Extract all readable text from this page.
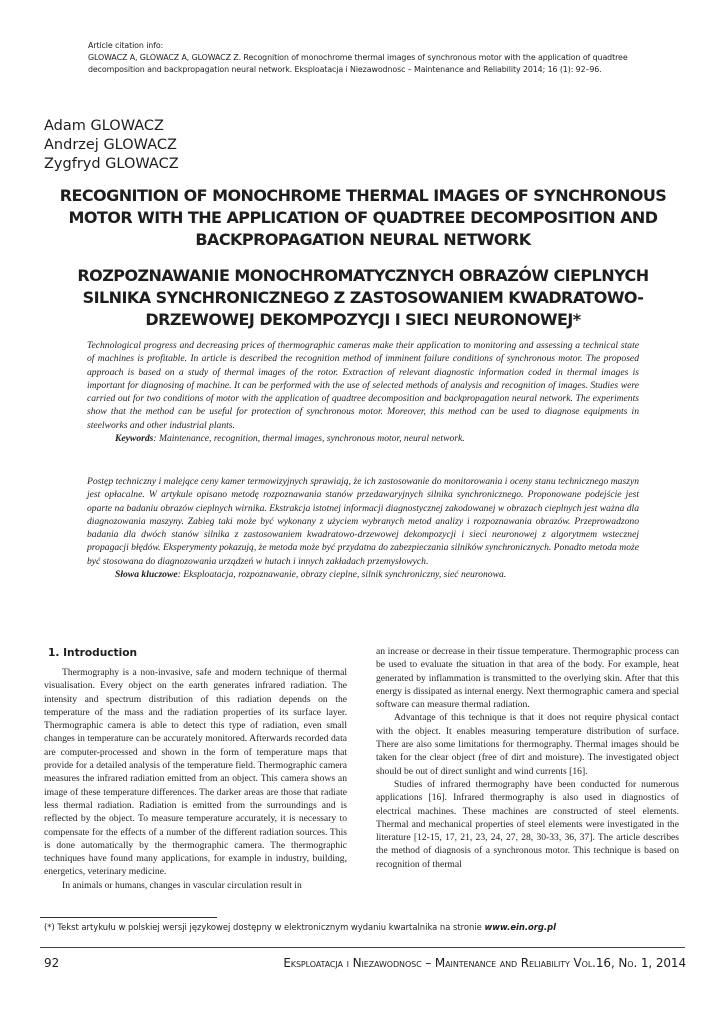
Article citation info:
GLOWACZ A, GLOWACZ A, GLOWACZ Z. Recognition of monochrome thermal images of synchronous motor with the application of quadtree decomposition and backpropagation neural network. Eksploatacja i Niezawodnosc – Maintenance and Reliability 2014; 16 (1): 92–96.
Adam GLOWACZ
Andrzej GLOWACZ
Zygfryd GLOWACZ
RECOGNITION OF MONOCHROME THERMAL IMAGES OF SYNCHRONOUS MOTOR WITH THE APPLICATION OF QUADTREE DECOMPOSITION AND BACKPROPAGATION NEURAL NETWORK
ROZPOZNAWANIE MONOCHROMATYCZNYCH OBRAZÓW CIEPLNYCH SILNIKA SYNCHRONICZNEGO Z ZASTOSOWANIEM KWADRATOWO-DRZEWOWEJ DEKOMPOZYCJI I SIECI NEURONOWEJ*
Technological progress and decreasing prices of thermographic cameras make their application to monitoring and assessing a technical state of machines is profitable. In article is described the recognition method of imminent failure conditions of synchronous motor. The proposed approach is based on a study of thermal images of the rotor. Extraction of relevant diagnostic information coded in thermal images is important for diagnosing of machine. It can be performed with the use of selected methods of analysis and recognition of images. Studies were carried out for two conditions of motor with the application of quadtree decomposition and backpropagation neural network. The experiments show that the method can be useful for protection of synchronous motor. Moreover, this method can be used to diagnose equipments in steelworks and other industrial plants.
Keywords: Maintenance, recognition, thermal images, synchronous motor, neural network.
Postęp techniczny i malejące ceny kamer termowizyjnych sprawiają, że ich zastosowanie do monitorowania i oceny stanu technicznego maszyn jest opłacalne. W artykule opisano metodę rozpoznawania stanów przedawaryjnych silnika synchronicznego. Proponowane podejście jest oparte na badaniu obrazów cieplnych wirnika. Ekstrakcja istotnej informacji diagnostycznej zakodowanej w obrazach cieplnych jest ważna dla diagnozowania maszyny. Zabieg taki może być wykonany z użyciem wybranych metod analizy i rozpoznawania obrazów. Przeprowadzono badania dla dwóch stanów silnika z zastosowaniem kwadratowo-drzewowej dekompozycji i sieci neuronowej z algorytmem wstecznej propagacji błędów. Eksperymenty pokazują, że metoda może być przydatna do zabezpieczania silników synchronicznych. Ponadto metoda może być stosowana do diagnozowania urządzeń w hutach i innych zakładach przemysłowych.
Słowa kluczowe: Eksploatacja, rozpoznawanie, obrazy cieplne, silnik synchroniczny, sieć neuronowa.
1. Introduction

Thermography is a non-invasive, safe and modern technique of thermal visualisation. Every object on the earth generates infrared radiation. The intensity and spectrum distribution of this radiation depends on the temperature of the mass and the radiation properties of its surface layer. Thermographic camera is able to detect this type of radiation, even small changes in temperature can be accurately monitored. Afterwards recorded data are computer-processed and shown in the form of temperature maps that provide for a detailed analysis of the temperature field. Thermographic camera measures the infrared radiation emitted from an object. This camera shows an image of these temperature differences. The darker areas are those that radiate less thermal radiation. Radiation is emitted from the surroundings and is reflected by the object. To measure temperature accurately, it is necessary to compensate for the effects of a number of the different radiation sources. This is done automatically by the thermographic camera. The thermographic techniques have found many applications, for example in industry, building, energetics, veterinary medicine.

In animals or humans, changes in vascular circulation result in

an increase or decrease in their tissue temperature. Thermographic process can be used to evaluate the situation in that area of the body. For example, heat generated by inflammation is transmitted to the overlying skin. After that this energy is dissipated as internal energy. Next thermographic camera and special software can measure thermal radiation.

Advantage of this technique is that it does not require physical contact with the object. It enables measuring temperature distribution of surface. There are also some limitations for thermography. Thermal images should be taken for the clear object (free of dirt and moisture). The investigated object should be out of direct sunlight and wind currents [16].

Studies of infrared thermography have been conducted for numerous applications [16]. Infrared thermography is also used in diagnostics of electrical machines. These machines are constructed of steel elements. Thermal and mechanical properties of steel elements were investigated in the literature [12-15, 17, 21, 23, 24, 27, 28, 30-33, 36, 37]. The article describes the method of diagnosis of a synchronous motor. This technique is based on recognition of thermal

(*) Tekst artykułu w polskiej wersji językowej dostępny w elektronicznym wydaniu kwartalnika na stronie www.ein.org.pl
92	Eksploatacja i Niezawodnosc – Maintenance and Reliability Vol.16, No. 1, 2014
